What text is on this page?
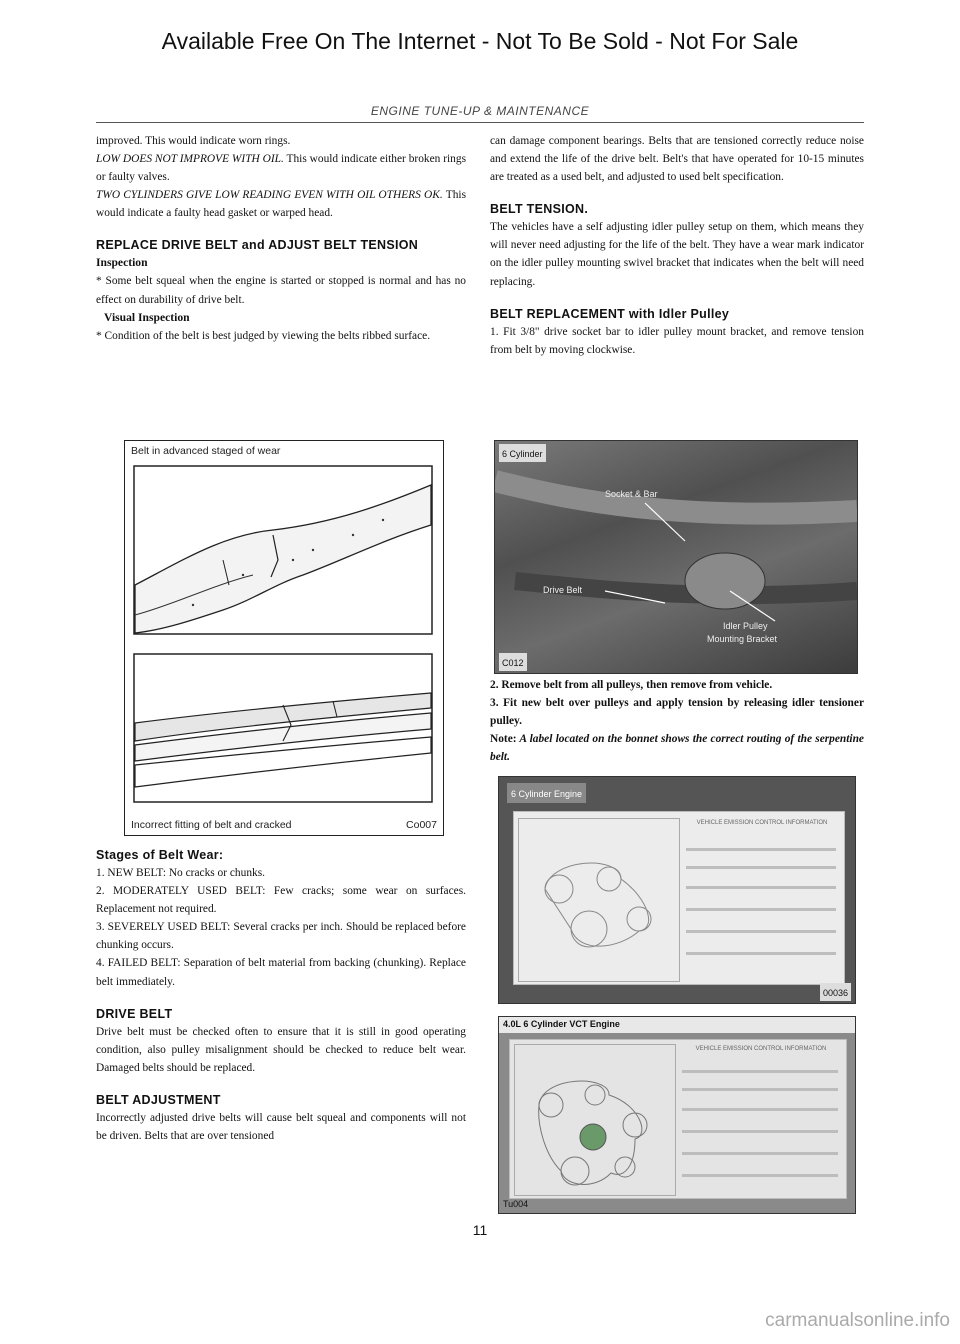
Available Free On The Internet - Not To Be Sold - Not For Sale
ENGINE TUNE-UP & MAINTENANCE

improved. This would indicate worn rings.

LOW DOES NOT IMPROVE WITH OIL. This would indicate either broken rings or faulty valves.

TWO CYLINDERS GIVE LOW READING EVEN WITH OIL OTHERS OK. This would indicate a faulty head gasket or warped head.

REPLACE DRIVE BELT and ADJUST BELT TENSION
Inspection

* Some belt squeal when the engine is started or stopped is normal and has no effect on durability of drive belt.

Visual Inspection

* Condition of the belt is best judged by viewing the belts ribbed surface.

Belt in advanced staged of wear
Incorrect fitting of belt and cracked	Co007
Stages of Belt Wear:

1. NEW BELT: No cracks or chunks.

2. MODERATELY USED BELT: Few cracks; some wear on surfaces. Replacement not required.

3. SEVERELY USED BELT: Several cracks per inch. Should be replaced before chunking occurs.

4. FAILED BELT: Separation of belt material from backing (chunking). Replace belt immediately.

DRIVE BELT

Drive belt must be checked often to ensure that it is still in good operating condition, also pulley misalignment should be checked to reduce belt wear. Damaged belts should be replaced.

BELT ADJUSTMENT

Incorrectly adjusted drive belts will cause belt squeal and components will not be driven. Belts that are over tensioned

can damage component bearings. Belts that are tensioned correctly reduce noise and extend the life of the drive belt. Belt's that have operated for 10-15 minutes are treated as a used belt, and adjusted to used belt specification.

BELT TENSION.

The vehicles have a self adjusting idler pulley setup on them, which means they will never need adjusting for the life of the belt. They have a wear mark indicator on the idler pulley mounting swivel bracket that indicates when the belt will need replacing.

BELT REPLACEMENT with Idler Pulley

1. Fit 3/8" drive socket bar to idler pulley mount bracket, and remove tension from belt by moving clockwise.

6 Cylinder
Socket & Bar
Drive Belt
Idler Pulley
Mounting Bracket
C012

2. Remove belt from all pulleys, then remove from vehicle.

3. Fit new belt over pulleys and apply tension by releasing idler tensioner pulley.

Note: A label located on the bonnet shows the correct routing of the serpentine belt.

6 Cylinder Engine
VEHICLE EMISSION CONTROL INFORMATION
00036
4.0L 6 Cylinder VCT Engine
VEHICLE EMISSION CONTROL INFORMATION
Tu004
11
carmanualsonline.info
